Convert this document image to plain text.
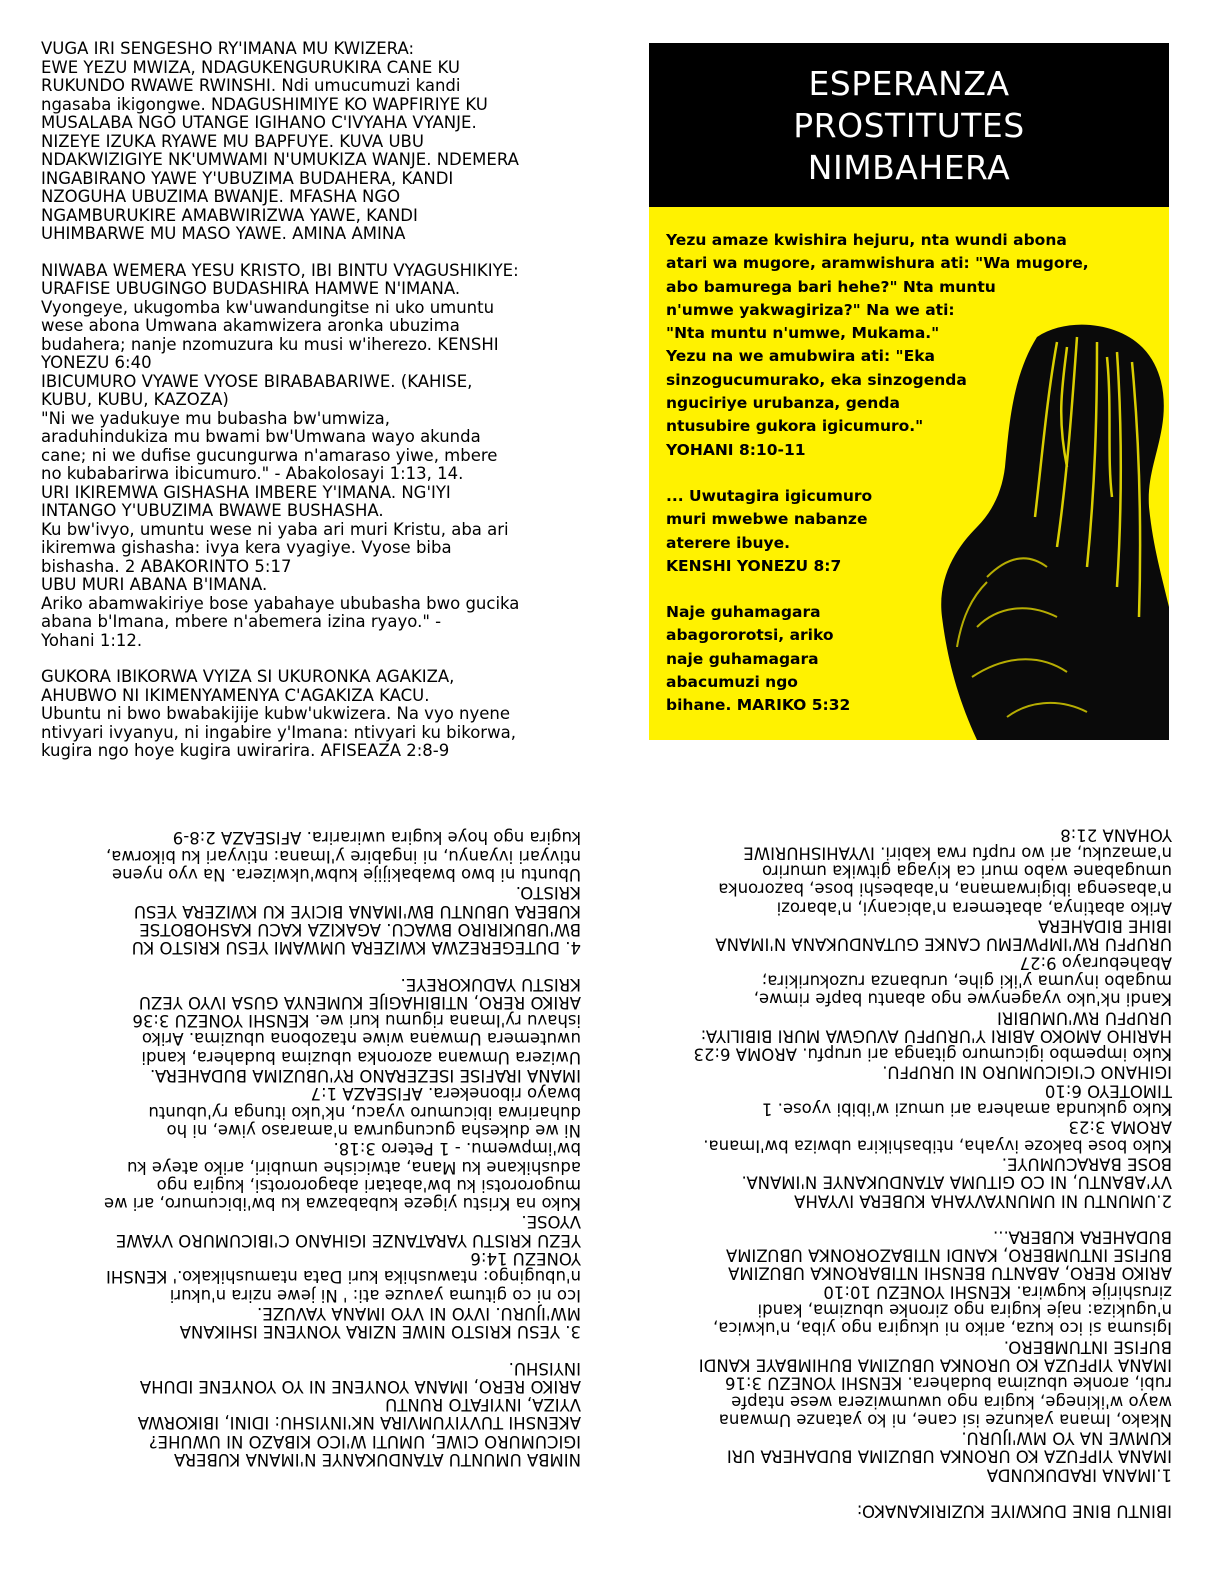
VUGA IRI SENGESHO RY'IMANA MU KWIZERA:
EWE YEZU MWIZA, NDAGUKENGURUKIRA CANE KU
RUKUNDO RWAWE RWINSHI. Ndi umucumuzi kandi
ngasaba ikigongwe. NDAGUSHIMIYE KO WAPFIRIYE KU
MUSALABA NGO UTANGE IGIHANO C'IVYAHA VYANJE.
NIZEYE IZUKA RYAWE MU BAPFUYE. KUVA UBU
NDAKWIZIGIYE NK'UMWAMI N'UMUKIZA WANJE. NDEMERA
INGABIRANO YAWE Y'UBUZIMA BUDAHERA, KANDI
NZOGUHA UBUZIMA BWANJE. MFASHA NGO
NGAMBURUKIRE AMABWIRIZWA YAWE, KANDI
UHIMBARWE MU MASO YAWE. AMINA AMINA

NIWABA WEMERA YESU KRISTO, IBI BINTU VYAGUSHIKIYE:
URAFISE UBUGINGO BUDASHIRA HAMWE N'IMANA.
Vyongeye, ukugomba kw'uwandungitse ni uko umuntu
wese abona Umwana akamwizera aronka ubuzima
budahera; nanje nzomuzura ku musi w'iherezo. KENSHI
YONEZU 6:40
IBICUMURO VYAWE VYOSE BIRABABARIWE. (KAHISE,
KUBU, KUBU, KAZOZA)
"Ni we yadukuye mu bubasha bw'umwiza,
araduhindukiza mu bwami bw'Umwana wayo akunda
cane; ni we dufise gucungurwa n'amaraso yiwe, mbere
no kubabarirwa ibicumuro." - Abakolosayi 1:13, 14.
URI IKIREMWA GISHASHA IMBERE Y'IMANA. NG'IYI
INTANGO Y'UBUZIMA BWAWE BUSHASHA.
Ku bw'ivyo, umuntu wese ni yaba ari muri Kristu, aba ari
ikiremwa gishasha: ivya kera vyagiye. Vyose biba
bishasha. 2 ABAKORINTO 5:17
UBU MURI ABANA B'IMANA.
Ariko abamwakiriye bose yabahaye ububasha bwo gucika
abana b'Imana, mbere n'abemera izina ryayo." -
Yohani 1:12.

GUKORA IBIKORWA VYIZA SI UKURONKA AGAKIZA,
AHUBWO NI IKIMENYAMENYA C'AGAKIZA KACU.
Ubuntu ni bwo bwabakijije kubw'ukwizera. Na vyo nyene
ntivyari ivyanyu, ni ingabire y'Imana: ntivyari ku bikorwa,
kugira ngo hoye kugira uwirarira. AFISEAZA 2:8-9

ESPERANZA
PROSTITUTES
NIMBAHERA

Yezu amaze kwishira hejuru, nta wundi abona
atari wa mugore, aramwishura ati: "Wa mugore,
abo bamurega bari hehe?" Nta muntu
n'umwe yakwagiriza?" Na we ati:
"Nta muntu n'umwe, Mukama."
Yezu na we amubwira ati: "Eka
sinzogucumurako, eka sinzogenda
nguciriye urubanza, genda
ntusubire gukora igicumuro."
YOHANI 8:10-11

... Uwutagira igicumuro
muri mwebwe nabanze
aterere ibuye.
KENSHI YONEZU 8:7

Naje guhamagara
abagororotsi, ariko
naje guhamagara
abacumuzi ngo
bihane. MARIKO 5:32

IBINTU BINE DUKWIYE KUZIRIKANAKO:

1.IMANA IRADUKUNDA
IMANA YIPFUZA KO URONKA UBUZIMA BUDAHERA URI
KUMWE NA YO MW'IJURU.
Nkako, Imana yakunze isi cane, ni ko yatanze Umwana
wayo w'ikinege, kugira ngo uwumwizera wese ntapfe
rubi, aronke ubuzima budahera. KENSHI YONEZU 3:16
IMANA YIPFUZA KO URONKA UBUZIMA BUHIMBAYE KANDI
BUFISE INTUMBERO.
Igisuma si ico kuza, ariko ni ukugira ngo yiba, n'ukwica,
n'ugukiza: naje kugira ngo zironke ubuzima, kandi
zirushirije kugwira. KENSHI YONEZU 10:10
ARIKO RERO, ABANTU BENSHI NTIBARONKA UBUZIMA
BUFISE INTUMBERO, KANDI NTIBAZORONKA UBUZIMA
BUDAHERA KUBERA...

2.UMUNTU NI UMUNYAVYAHA KUBERA IVYAHA
VY'ABANTU, NI CO GITUMA ATANDUKANYE N'IMANA.
BOSE BARACUMUYE.
Kuko bose bakoze ivyaha, ntibashikira ubwiza bw'Imana.
AROMA 3:23
Kuko gukunda amahera ari umuzi w'ibibi vyose. 1
TIMOTEYO 6:10
IGIHANO C'IGICUMURO NI URUPFU.
Kuko impembo igicumuro gitanga ari urupfu. AROMA 6:23
HARIHO AMOKO ABIRI Y'URUPFU AVUGWA MURI BIBILIYA:
URUPFU RW'UMUBIRI
Kandi nk'uko vyagenywe ngo abantu bapfe rimwe,
mugabo inyuma y'iki gihe, urubanza ruzokurikira;
Abaheburayo 9:27
URUPFU RW'IMPWEMU CANKE GUTANDUKANA N'IMANA
IBIHE BIDAHERA
Ariko abatinya, abatemera n'abicanyi, n'abarozi
n'abasenga ibigirwamana, n'ababeshi bose, bazoronka
umugabane wabo muri ca kiyaga gitwika umuriro
n'amazuku, ari wo rupfu rwa kabiri. IVYAHISHURIWE
YOHANA 21:8

NIMBA UMUNTU ATANDUKANYE N'IMANA KUBERA
IGICUMURO CIWE, UMUTI W'ICO KIBAZO NI UWUHE?
AKENSHI TUVYIYUMVIRA NK'INYISHU: IDINI, IBIKORWA
VYIZA, INYIFATO RUNTU
ARIKO RERO, IMANA YONYENE NI YO YONYENE IDUHA
INYISHU.

3. YESU KRISTO NIWE NZIRA YONYENE ISHIKANA
MW'IJURU. IVYO NI VYO IMANA YAVUZE.
Ico ni co gituma yavuze ati: ' Ni jewe nzira n'ukuri
n'ubugingo: ntawushika kuri Data ntamushikako.' KENSHI
YONEZU 14:6
YEZU KRISTU YARATANZE IGIHANO C'IBICUMURO VYAWE
VYOSE.
Kuko na Kristu yigeze kubabazwa ku bw'ibicumuro, ari we
mugororotsi ku bw'abatari abagororotsi, kugira ngo
adushikane ku Mana, atwicishe umubiri, ariko ateye ku
bw'impwemu. - 1 Petero 3:18.
Ni we dukesha gucungurwa n'amaraso yiwe, ni ho
duharirwa ibicumuro vyacu, nk'uko itunga ry'ubuntu
bwayo ribonekera. AFISEAZA 1:7
IMANA IRAFISE ISEZERANO RY'UBUZIMA BUDAHERA.
Uwizera Umwana azoronka ubuzima budahera, kandi
uwutemera Umwana wiwe ntazobona ubuzima. Ariko
ishavu ry'Imana rigumu kuri we. KENSHI YONEZU 3:36
ARIKO RERO, NTIBIHAGIJE KUMENYA GUSA IVYO YEZU
KRISTU YADUKOREYE.

4. DUTEGEREZWA KWIZERA UMWAMI YESU KRISTO KU
BW'UBUKIRIRO BWACU. AGAKIZA KACU KASHOBOTSE
KUBERA UBUNTU BW'IMANA BICIYE KU KWIZERA YESU
KRISTO.
Ubuntu ni bwo bwabakijije kubw'ukwizera. Na vyo nyene
ntivyari ivyanyu, ni ingabire y'Imana: ntivyari ku bikorwa,
kugira ngo hoye kugira uwirarira. AFISEAZA 2:8-9
